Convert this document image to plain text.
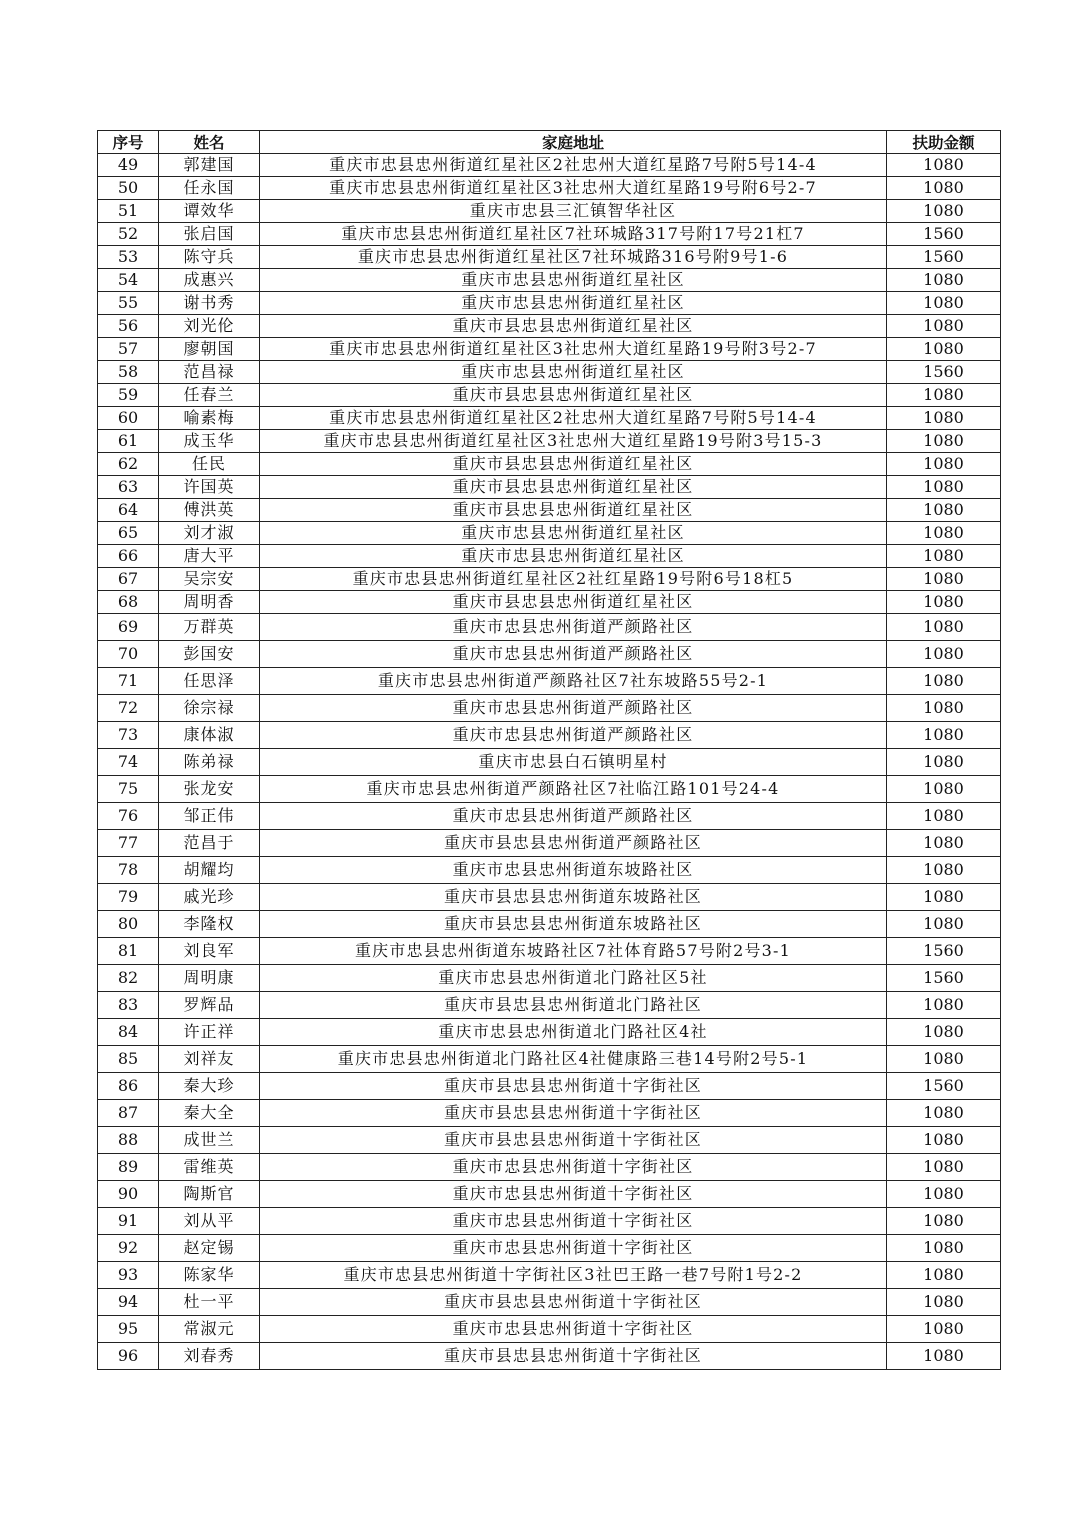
序号	姓名	家庭地址	扶助金额
49	郭建国	重庆市忠县忠州街道红星社区2社忠州大道红星路7号附5号14-4	1080
50	任永国	重庆市忠县忠州街道红星社区3社忠州大道红星路19号附6号2-7	1080
51	谭效华	重庆市忠县三汇镇智华社区	1080
52	张启国	重庆市忠县忠州街道红星社区7社环城路317号附17号21杠7	1560
53	陈守兵	重庆市忠县忠州街道红星社区7社环城路316号附9号1-6	1560
54	成惠兴	重庆市忠县忠州街道红星社区	1080
55	谢书秀	重庆市忠县忠州街道红星社区	1080
56	刘光伦	重庆市县忠县忠州街道红星社区	1080
57	廖朝国	重庆市忠县忠州街道红星社区3社忠州大道红星路19号附3号2-7	1080
58	范昌禄	重庆市忠县忠州街道红星社区	1560
59	任春兰	重庆市县忠县忠州街道红星社区	1080
60	喻素梅	重庆市忠县忠州街道红星社区2社忠州大道红星路7号附5号14-4	1080
61	成玉华	重庆市忠县忠州街道红星社区3社忠州大道红星路19号附3号15-3	1080
62	任民	重庆市县忠县忠州街道红星社区	1080
63	许国英	重庆市县忠县忠州街道红星社区	1080
64	傅洪英	重庆市县忠县忠州街道红星社区	1080
65	刘才淑	重庆市忠县忠州街道红星社区	1080
66	唐大平	重庆市忠县忠州街道红星社区	1080
67	吴宗安	重庆市忠县忠州街道红星社区2社红星路19号附6号18杠5	1080
68	周明香	重庆市县忠县忠州街道红星社区	1080
69	万群英	重庆市忠县忠州街道严颜路社区	1080
70	彭国安	重庆市忠县忠州街道严颜路社区	1080
71	任思泽	重庆市忠县忠州街道严颜路社区7社东坡路55号2-1	1080
72	徐宗禄	重庆市忠县忠州街道严颜路社区	1080
73	康体淑	重庆市忠县忠州街道严颜路社区	1080
74	陈弟禄	重庆市忠县白石镇明星村	1080
75	张龙安	重庆市忠县忠州街道严颜路社区7社临江路101号24-4	1080
76	邹正伟	重庆市忠县忠州街道严颜路社区	1080
77	范昌于	重庆市县忠县忠州街道严颜路社区	1080
78	胡耀均	重庆市忠县忠州街道东坡路社区	1080
79	戚光珍	重庆市县忠县忠州街道东坡路社区	1080
80	李隆权	重庆市县忠县忠州街道东坡路社区	1080
81	刘良军	重庆市忠县忠州街道东坡路社区7社体育路57号附2号3-1	1560
82	周明康	重庆市忠县忠州街道北门路社区5社	1560
83	罗辉品	重庆市县忠县忠州街道北门路社区	1080
84	许正祥	重庆市忠县忠州街道北门路社区4社	1080
85	刘祥友	重庆市忠县忠州街道北门路社区4社健康路三巷14号附2号5-1	1080
86	秦大珍	重庆市县忠县忠州街道十字街社区	1560
87	秦大全	重庆市县忠县忠州街道十字街社区	1080
88	成世兰	重庆市县忠县忠州街道十字街社区	1080
89	雷维英	重庆市忠县忠州街道十字街社区	1080
90	陶斯官	重庆市忠县忠州街道十字街社区	1080
91	刘从平	重庆市忠县忠州街道十字街社区	1080
92	赵定锡	重庆市忠县忠州街道十字街社区	1080
93	陈家华	重庆市忠县忠州街道十字街社区3社巴王路一巷7号附1号2-2	1080
94	杜一平	重庆市县忠县忠州街道十字街社区	1080
95	常淑元	重庆市忠县忠州街道十字街社区	1080
96	刘春秀	重庆市县忠县忠州街道十字街社区	1080
